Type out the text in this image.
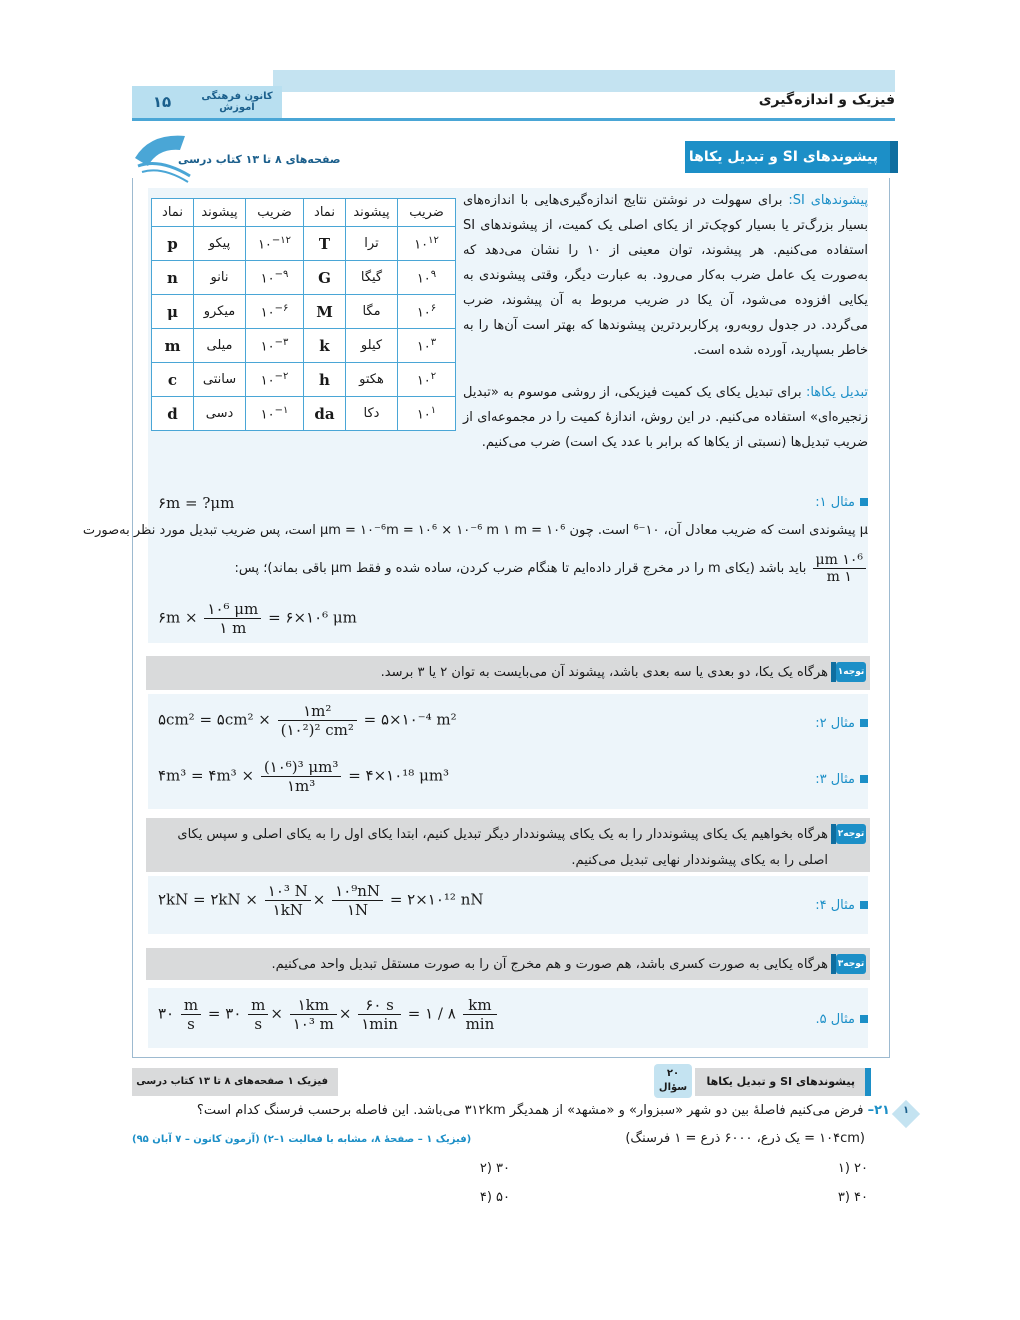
۱۵	کانون فرهنگی آموزش	فیزیک و اندازه‌گیری
صفحه‌های ۸ تا ۱۳ کتاب درسی	پیشوندهای SI و تبدیل یکاها
ضریب	پیشوند	نماد	ضریب	پیشوند	نماد
$۱۰^{۱۲}$	ترا	T	$۱۰^{-۱۲}$	پیکو	p
$۱۰^۹$	گیگا	G	$۱۰^{-۹}$	نانو	n
$۱۰^۶$	مگا	M	$۱۰^{-۶}$	میکرو	μ
$۱۰^۳$	کیلو	k	$۱۰^{-۳}$	میلی	m
$۱۰^۲$	هکتو	h	$۱۰^{-۲}$	سانتی	c
$۱۰^۱$	دکا	da	$۱۰^{-۱}$	دسی	d
پیشوندهای SI: برای سهولت در نوشتن نتایج اندازه‌گیری‌هایی با اندازه‌های بسیار بزرگ‌تر یا بسیار کوچک‌تر از یکای اصلی یک کمیت، از پیشوندهای SI استفاده می‌کنیم. هر پیشوند، توان معینی از ۱۰ را نشان می‌دهد که به‌صورت یک عامل ضرب به‌کار می‌رود. به عبارت دیگر، وقتی پیشوندی به یکایی افزوده می‌شود، آن یکا در ضریب مربوط به آن پیشوند، ضرب می‌گردد. در جدول روبه‌رو، پرکاربردترین پیشوندها که بهتر است آن‌ها را به خاطر بسپارید، آورده شده است.
تبدیل یکاها: برای تبدیل یکای یک کمیت فیزیکی، از روشی موسوم به «تبدیل زنجیره‌ای» استفاده می‌کنیم. در این روش، اندازهٔ کمیت را در مجموعه‌ای از ضریب تبدیل‌ها (نسبتی از یکاها که برابر با عدد یک است) ضرب می‌کنیم.
مثال ۱:
۶m = ?μm
μ پیشوندی است که ضریب معادل آن، ۱۰⁻⁶ است. چون μm = ۱۰⁻⁶m = ۱۰⁶ × ۱۰⁻⁶ m ۱ m = ۱۰⁶ است، پس ضریب تبدیل مورد نظر به‌صورت
$\frac{\text{۱۰⁶ μm}}{۱ m}$
باید باشد (یکای m را در مخرج قرار داده‌ایم تا هنگام ضرب کردن، ساده شده و فقط μm باقی بماند)؛ پس:
۶m × $\frac{\text{۱۰⁶ μm}}{۱ m}$ = ۶×۱۰⁶ μm
توجه۱
هرگاه یک یکا، دو بعدی یا سه بعدی باشد، پیشوند آن می‌بایست به توان ۲ یا ۳ برسد.
مثال ۲:
۵cm² = ۵cm² × $\frac{\text{۱m²}}{\text{(۱۰²)² cm²}}$ = ۵×۱۰⁻⁴ m²
مثال ۳:
۴m³ = ۴m³ × $\frac{\text{(۱۰⁶)³ μm³}}{\text{۱m³}}$ = ۴×۱۰¹⁸ μm³
توجه۲
هرگاه بخواهیم یک یکای پیشونددار را به یک یکای پیشونددار دیگر تبدیل کنیم، ابتدا یکای اول را به یکای اصلی و سپس یکای اصلی را به یکای پیشونددار نهایی تبدیل می‌کنیم.
مثال ۴:
۲kN = ۲kN × $\frac{\text{۱۰³ N}}{۱kN} \times \frac{\text{۱۰⁹nN}}{۱N}$ = ۲×۱۰¹² nN
توجه۳
هرگاه یکایی به صورت کسری باشد، هم صورت و هم مخرج آن را به صورت مستقل تبدیل واحد می‌کنیم.
مثال ۵.
۳۰ $\frac{m}{s}$ = ۳۰ $\frac{m}{s} \times \frac{۱km}{\text{۱۰³ m}} \times \frac{۶۰ s}{۱\min}$ = ۱ / ۸ $\frac{km}{\min}$
فیزیک ۱ صفحه‌های ۸ تا ۱۳ کتاب درسی
۲۰
سؤال	پیشوندهای SI و تبدیل یکاها
۱
۲۱– فرض می‌کنیم فاصلهٔ بین دو شهر «سبزوار» و «مشهد» از همدیگر ۳۱۲km می‌باشد. این فاصله برحسب فرسنگ کدام است؟
(۱۰۴cm = یک ذرع، ۶۰۰۰ ذرع = ۱ فرسنگ)
(فیزیک ۱ – صفحهٔ ۸، مشابه با فعالیت ۱–۲) (آزمون کانون – ۷ آبان ۹۵)
۲۰ (۱
۳۰ (۲
۴۰ (۳
۵۰ (۴
